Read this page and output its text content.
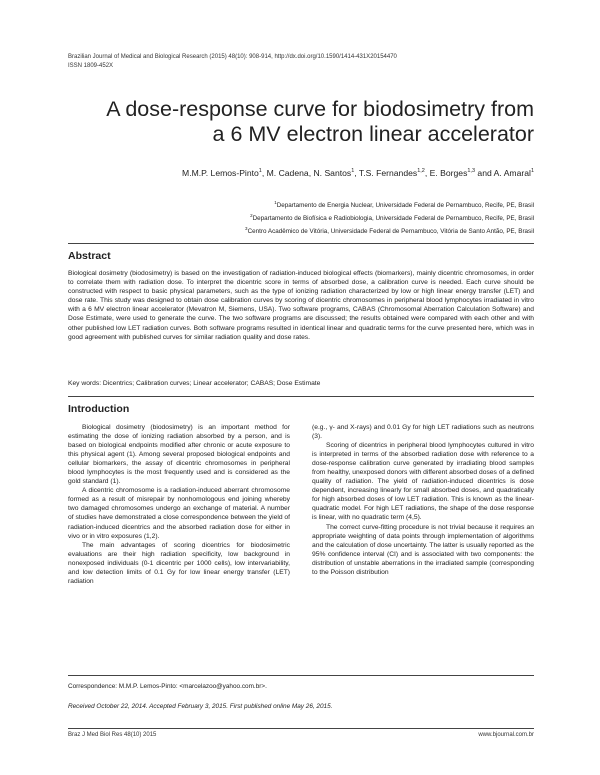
Brazilian Journal of Medical and Biological Research (2015) 48(10): 908-914, http://dx.doi.org/10.1590/1414-431X20154470
ISSN 1809-452X
A dose-response curve for biodosimetry from
a 6 MV electron linear accelerator
M.M.P. Lemos-Pinto$^1$, M. Cadena, N. Santos$^1$, T.S. Fernandes$^{1,2}$, E. Borges$^{1,3}$ and A. Amaral$^1$
$^1$Departamento de Energia Nuclear, Universidade Federal de Pernambuco, Recife, PE, Brasil
$^2$Departamento de Biofísica e Radiobiologia, Universidade Federal de Pernambuco, Recife, PE, Brasil
$^3$Centro Acadêmico de Vitória, Universidade Federal de Pernambuco, Vitória de Santo Antão, PE, Brasil
Abstract
Biological dosimetry (biodosimetry) is based on the investigation of radiation-induced biological effects (biomarkers), mainly dicentric chromosomes, in order to correlate them with radiation dose. To interpret the dicentric score in terms of absorbed dose, a calibration curve is needed. Each curve should be constructed with respect to basic physical parameters, such as the type of ionizing radiation characterized by low or high linear energy transfer (LET) and dose rate. This study was designed to obtain dose calibration curves by scoring of dicentric chromosomes in peripheral blood lymphocytes irradiated in vitro with a 6 MV electron linear accelerator (Mevatron M, Siemens, USA). Two software programs, CABAS (Chromosomal Aberration Calculation Software) and Dose Estimate, were used to generate the curve. The two software programs are discussed; the results obtained were compared with each other and with other published low LET radiation curves. Both software programs resulted in identical linear and quadratic terms for the curve presented here, which was in good agreement with published curves for similar radiation quality and dose rates.
Key words: Dicentrics; Calibration curves; Linear accelerator; CABAS; Dose Estimate
Introduction

Biological dosimetry (biodosimetry) is an important method for estimating the dose of ionizing radiation absorbed by a person, and is based on biological endpoints modified after chronic or acute exposure to this physical agent (1). Among several proposed biological endpoints and cellular biomarkers, the assay of dicentric chromosomes in peripheral blood lymphocytes is the most frequently used and is considered as the gold standard (1).

A dicentric chromosome is a radiation-induced aberrant chromosome formed as a result of misrepair by nonhomologous end joining whereby two damaged chromosomes undergo an exchange of material. A number of studies have demonstrated a close correspondence between the yield of radiation-induced dicentrics and the absorbed radiation dose for either in vivo or in vitro exposures (1,2).

The main advantages of scoring dicentrics for biodosimetric evaluations are their high radiation specificity, low background in nonexposed individuals (0-1 dicentric per 1000 cells), low intervariability, and low detection limits of 0.1 Gy for low linear energy transfer (LET) radiation

(e.g., γ- and X-rays) and 0.01 Gy for high LET radiations such as neutrons (3).

Scoring of dicentrics in peripheral blood lymphocytes cultured in vitro is interpreted in terms of the absorbed radiation dose with reference to a dose-response calibration curve generated by irradiating blood samples from healthy, unexposed donors with different absorbed doses of a defined quality of radiation. The yield of radiation-induced dicentrics is dose dependent, increasing linearly for small absorbed doses, and quadratically for high absorbed doses of low LET radiation. This is known as the linear-quadratic model. For high LET radiations, the shape of the dose response is linear, with no quadratic term (4,5).

The correct curve-fitting procedure is not trivial because it requires an appropriate weighting of data points through implementation of algorithms and the calculation of dose uncertainty. The latter is usually reported as the 95% confidence interval (CI) and is associated with two components: the distribution of unstable aberrations in the irradiated sample (corresponding to the Poisson distribution

Correspondence: M.M.P. Lemos-Pinto: <marcelazoo@yahoo.com.br>.
Received October 22, 2014. Accepted February 3, 2015. First published online May 26, 2015.
Braz J Med Biol Res 48(10) 2015	www.bjournal.com.br
